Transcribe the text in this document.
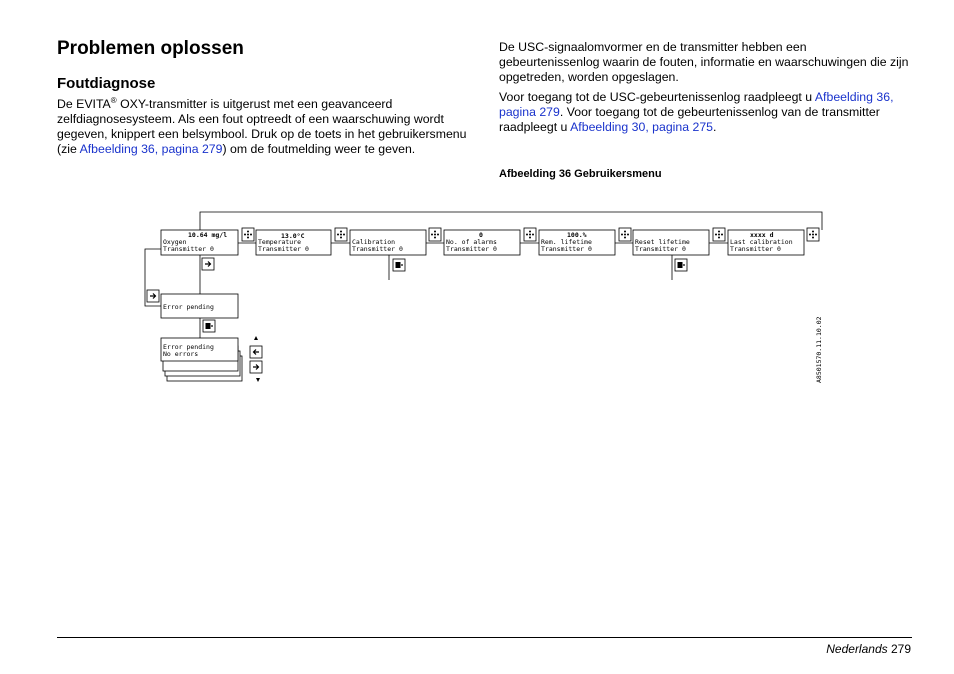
Problemen oplossen
Foutdiagnose

De EVITA® OXY-transmitter is uitgerust met een geavanceerd zelfdiagnosesysteem. Als een fout optreedt of een waarschuwing wordt gegeven, knippert een belsymbool. Druk op de toets in het gebruikersmenu (zie Afbeelding 36, pagina 279) om de foutmelding weer te geven.

De USC-signaalomvormer en de transmitter hebben een gebeurtenissenlog waarin de fouten, informatie en waarschuwingen die zijn opgetreden, worden opgeslagen.

Voor toegang tot de USC-gebeurtenissenlog raadpleegt u Afbeelding 36, pagina 279. Voor toegang tot de gebeurtenissenlog van de transmitter raadpleegt u Afbeelding 30, pagina 275.

Afbeelding 36 Gebruikersmenu
10.64 mg/l
Oxygen
Transmitter 0
13.0°C
Temperature
Transmitter 0
Calibration
Transmitter 0
0
No. of alarms
Transmitter 0
100.%
Rem. lifetime
Transmitter 0
Reset lifetime
Transmitter 0
xxxx d
Last calibration
Transmitter 0
Error pending
Error pending
No errors	A8501570.11.10.02
Nederlands 279
